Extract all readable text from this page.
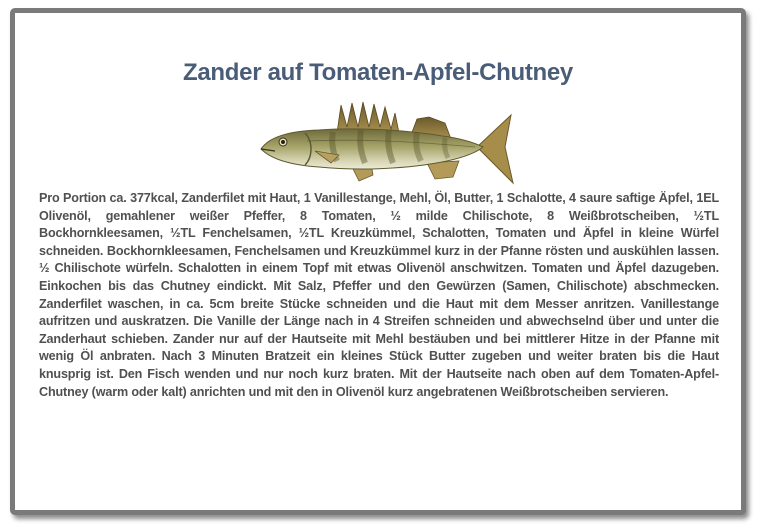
Zander auf Tomaten-Apfel-Chutney

Pro Portion ca. 377kcal, Zanderfilet mit Haut, 1 Vanillestange, Mehl, Öl, Butter, 1 Schalotte, 4 saure saftige Äpfel, 1EL Olivenöl, gemahlener weißer Pfeffer, 8 Tomaten, ½ milde Chilischote, 8 Weißbrotscheiben, ½TL Bockhornkleesamen, ½TL Fenchelsamen, ½TL Kreuzkümmel, Schalotten, Tomaten und Äpfel in kleine Würfel schneiden. Bockhornkleesamen, Fenchelsamen und Kreuzkümmel kurz in der Pfanne rösten und auskühlen lassen. ½ Chilischote würfeln. Schalotten in einem Topf mit etwas Olivenöl anschwitzen. Tomaten und Äpfel dazugeben. Einkochen bis das Chutney eindickt. Mit Salz, Pfeffer und den Gewürzen (Samen, Chilischote) abschmecken. Zanderfilet waschen, in ca. 5cm breite Stücke schneiden und die Haut mit dem Messer anritzen. Vanillestange aufritzen und auskratzen. Die Vanille der Länge nach in 4 Streifen schneiden und abwechselnd über und unter die Zanderhaut schieben. Zander nur auf der Hautseite mit Mehl bestäuben und bei mittlerer Hitze in der Pfanne mit wenig Öl anbraten. Nach 3 Minuten Bratzeit ein kleines Stück Butter zugeben und weiter braten bis die Haut knusprig ist. Den Fisch wenden und nur noch kurz braten. Mit der Hautseite nach oben auf dem Tomaten-Apfel-Chutney (warm oder kalt) anrichten und mit den in Olivenöl kurz angebratenen Weißbrotscheiben servieren.
